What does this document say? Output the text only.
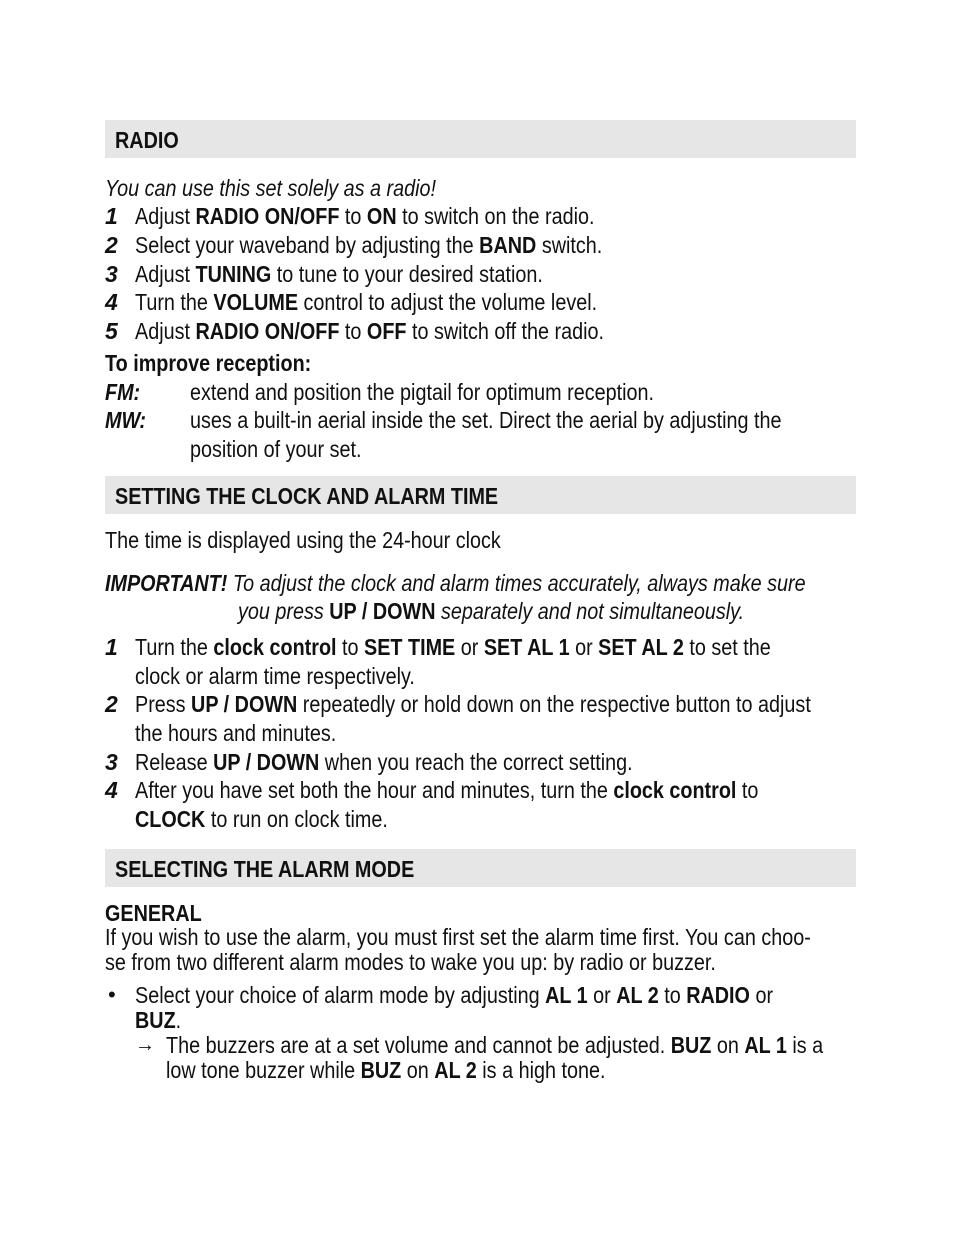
RADIO
You can use this set solely as a radio!
1 Adjust RADIO ON/OFF to ON to switch on the radio.
2 Select your waveband by adjusting the BAND switch.
3 Adjust TUNING to tune to your desired station.
4 Turn the VOLUME control to adjust the volume level.
5 Adjust RADIO ON/OFF to OFF to switch off the radio.
To improve reception:
FM: extend and position the pigtail for optimum reception.
MW: uses a built-in aerial inside the set. Direct the aerial by adjusting the
position of your set.
SETTING THE CLOCK AND ALARM TIME
The time is displayed using the 24-hour clock
IMPORTANT! To adjust the clock and alarm times accurately, always make sure
you press UP / DOWN separately and not simultaneously.
1 Turn the clock control to SET TIME or SET AL 1 or SET AL 2 to set the
clock or alarm time respectively.
2 Press UP / DOWN repeatedly or hold down on the respective button to adjust
the hours and minutes.
3 Release UP / DOWN when you reach the correct setting.
4 After you have set both the hour and minutes, turn the clock control to
CLOCK to run on clock time.
SELECTING THE ALARM MODE
GENERAL
If you wish to use the alarm, you must first set the alarm time first. You can choo-
se from two different alarm modes to wake you up: by radio or buzzer.
• Select your choice of alarm mode by adjusting AL 1 or AL 2 to RADIO or
BUZ.
→ The buzzers are at a set volume and cannot be adjusted. BUZ on AL 1 is a
low tone buzzer while BUZ on AL 2 is a high tone.
